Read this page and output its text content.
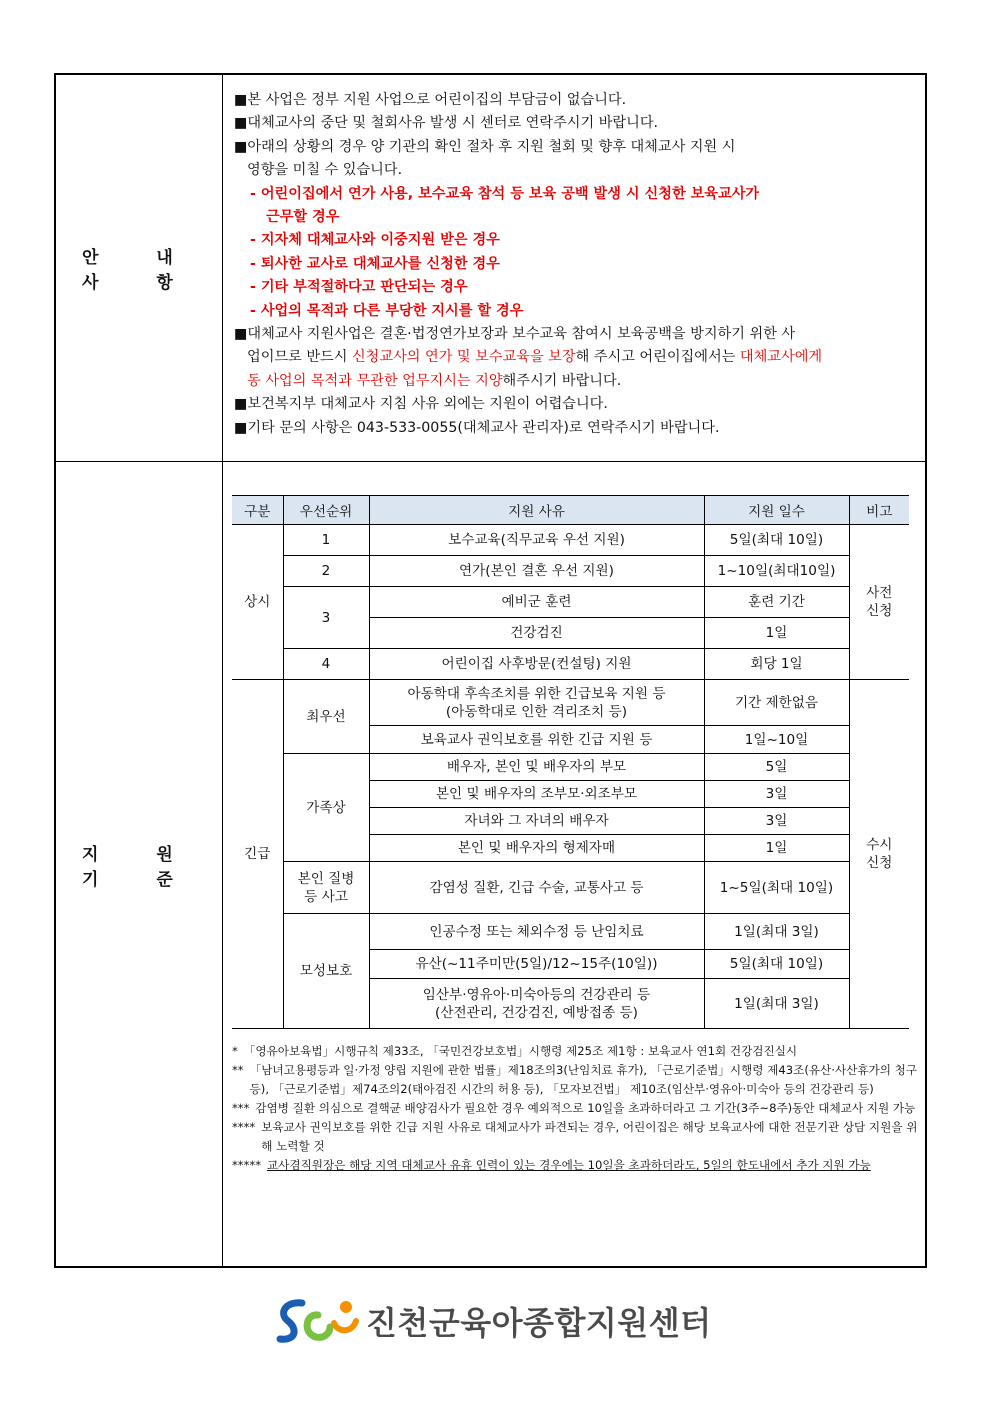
안 내 사 항
■본 사업은 정부 지원 사업으로 어린이집의 부담금이 없습니다.
■대체교사의 중단 및 철회사유 발생 시 센터로 연락주시기 바랍니다.
■아래의 상황의 경우 양 기관의 확인 절차 후 지원 철회 및 향후 대체교사 지원 시
영향을 미칠 수 있습니다.
- 어린이집에서 연가 사용, 보수교육 참석 등 보육 공백 발생 시 신청한 보육교사가
근무할 경우
- 지자체 대체교사와 이중지원 받은 경우
- 퇴사한 교사로 대체교사를 신청한 경우
- 기타 부적절하다고 판단되는 경우
- 사업의 목적과 다른 부당한 지시를 할 경우
■대체교사 지원사업은 결혼·법정연가보장과 보수교육 참여시 보육공백을 방지하기 위한 사
업이므로 반드시 신청교사의 연가 및 보수교육을 보장해 주시고 어린이집에서는 대체교사에게
동 사업의 목적과 무관한 업무지시는 지양해주시기 바랍니다.
■보건복지부 대체교사 지침 사유 외에는 지원이 어렵습니다.
■기타 문의 사항은 043-533-0055(대체교사 관리자)로 연락주시기 바랍니다.
지 원 기 준
구분	우선순위	지원 사유	지원 일수	비고
상시	1	보수교육(직무교육 우선 지원)	5일(최대 10일)	사전
신청
	2	연가(본인 결혼 우선 지원)	1~10일(최대10일)	
	3	예비군 훈련	훈련 기간	
		건강검진	1일	
	4	어린이집 사후방문(컨설팅) 지원	회당 1일	
긴급	최우선	아동학대 후속조치를 위한 긴급보육 지원 등
(아동학대로 인한 격리조치 등)	기간 제한없음	수시
신청
		보육교사 권익보호를 위한 긴급 지원 등	1일~10일	
	가족상	배우자, 본인 및 배우자의 부모	5일	
		본인 및 배우자의 조부모·외조부모	3일	
		자녀와 그 자녀의 배우자	3일	
		본인 및 배우자의 형제자매	1일	
	본인 질병
등 사고	감염성 질환, 긴급 수술, 교통사고 등	1~5일(최대 10일)	
	모성보호	인공수정 또는 체외수정 등 난임치료	1일(최대 3일)	
		유산(~11주미만(5일)/12~15주(10일))	5일(최대 10일)	
		임산부·영유아·미숙아등의 건강관리 등
(산전관리, 건강검진, 예방접종 등)	1일(최대 3일)	
* 「영유아보육법」시행규칙 제33조, 「국민건강보호법」시행령 제25조 제1항 : 보육교사 연1회 건강검진실시
** 「남녀고용평등과 일·가정 양립 지원에 관한 법률」제18조의3(난임치료 휴가), 「근로기준법」시행령 제43조(유산·사산휴가의 청구 등), 「근로기준법」제74조의2(태아검진 시간의 허용 등), 「모자보건법」 제10조(임산부·영유아·미숙아 등의 건강관리 등)
*** 감염병 질환 의심으로 결핵균 배양검사가 필요한 경우 예외적으로 10일을 초과하더라고 그 기간(3주~8주)동안 대체교사 지원 가능
**** 보육교사 권익보호를 위한 긴급 지원 사유로 대체교사가 파견되는 경우, 어린이집은 해당 보육교사에 대한 전문기관 상담 지원을 위해 노력할 것
***** 교사겸직원장은 해당 지역 대체교사 유휴 인력이 있는 경우에는 10일을 초과하더라도, 5일의 한도내에서 추가 지원 가능
진천군육아종합지원센터
